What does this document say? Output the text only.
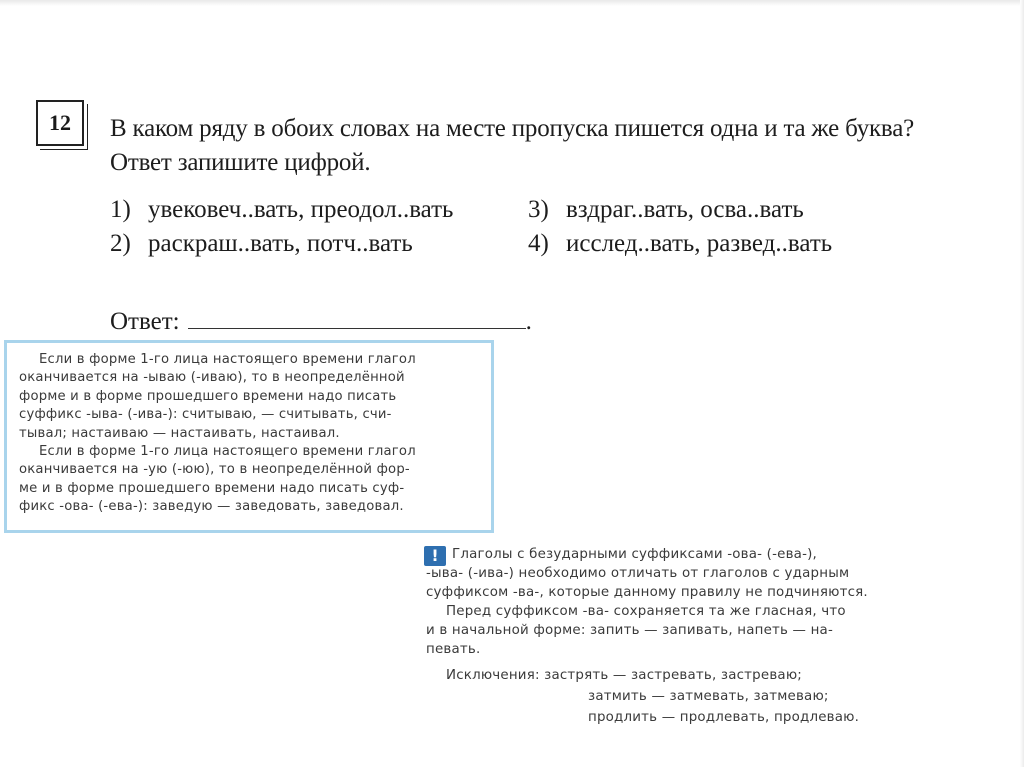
12	В каком ряду в обоих словах на месте пропуска пишется одна и та же буква?
Ответ запишите цифрой.
1) увековеч..вать, преодол..вать
2) раскраш..вать, потч..вать
3) вздраг..вать, осва..вать
4) исслед..вать, развед..вать
Ответ:	.
Если в форме 1-го лица настоящего времени глагол
оканчивается на -ываю (-иваю), то в неопределённой
форме и в форме прошедшего времени надо писать
суффикс -ыва- (-ива-): считываю, — считывать, счи-
тывал; настаиваю — настаивать, настаивал.
Если в форме 1-го лица настоящего времени глагол
оканчивается на -ую (-юю), то в неопределённой фор-
ме и в форме прошедшего времени надо писать суф-
фикс -ова- (-ева-): заведую — заведовать, заведовал.
! Глаголы с безударными суффиксами -ова- (-ева-),
-ыва- (-ива-) необходимо отличать от глаголов с ударным
суффиксом -ва-, которые данному правилу не подчиняются.
Перед суффиксом -ва- сохраняется та же гласная, что
и в начальной форме: запить — запивать, напеть — на-
певать.
Исключения: застрять — застревать, застреваю;
затмить — затмевать, затмеваю;
продлить — продлевать, продлеваю.
